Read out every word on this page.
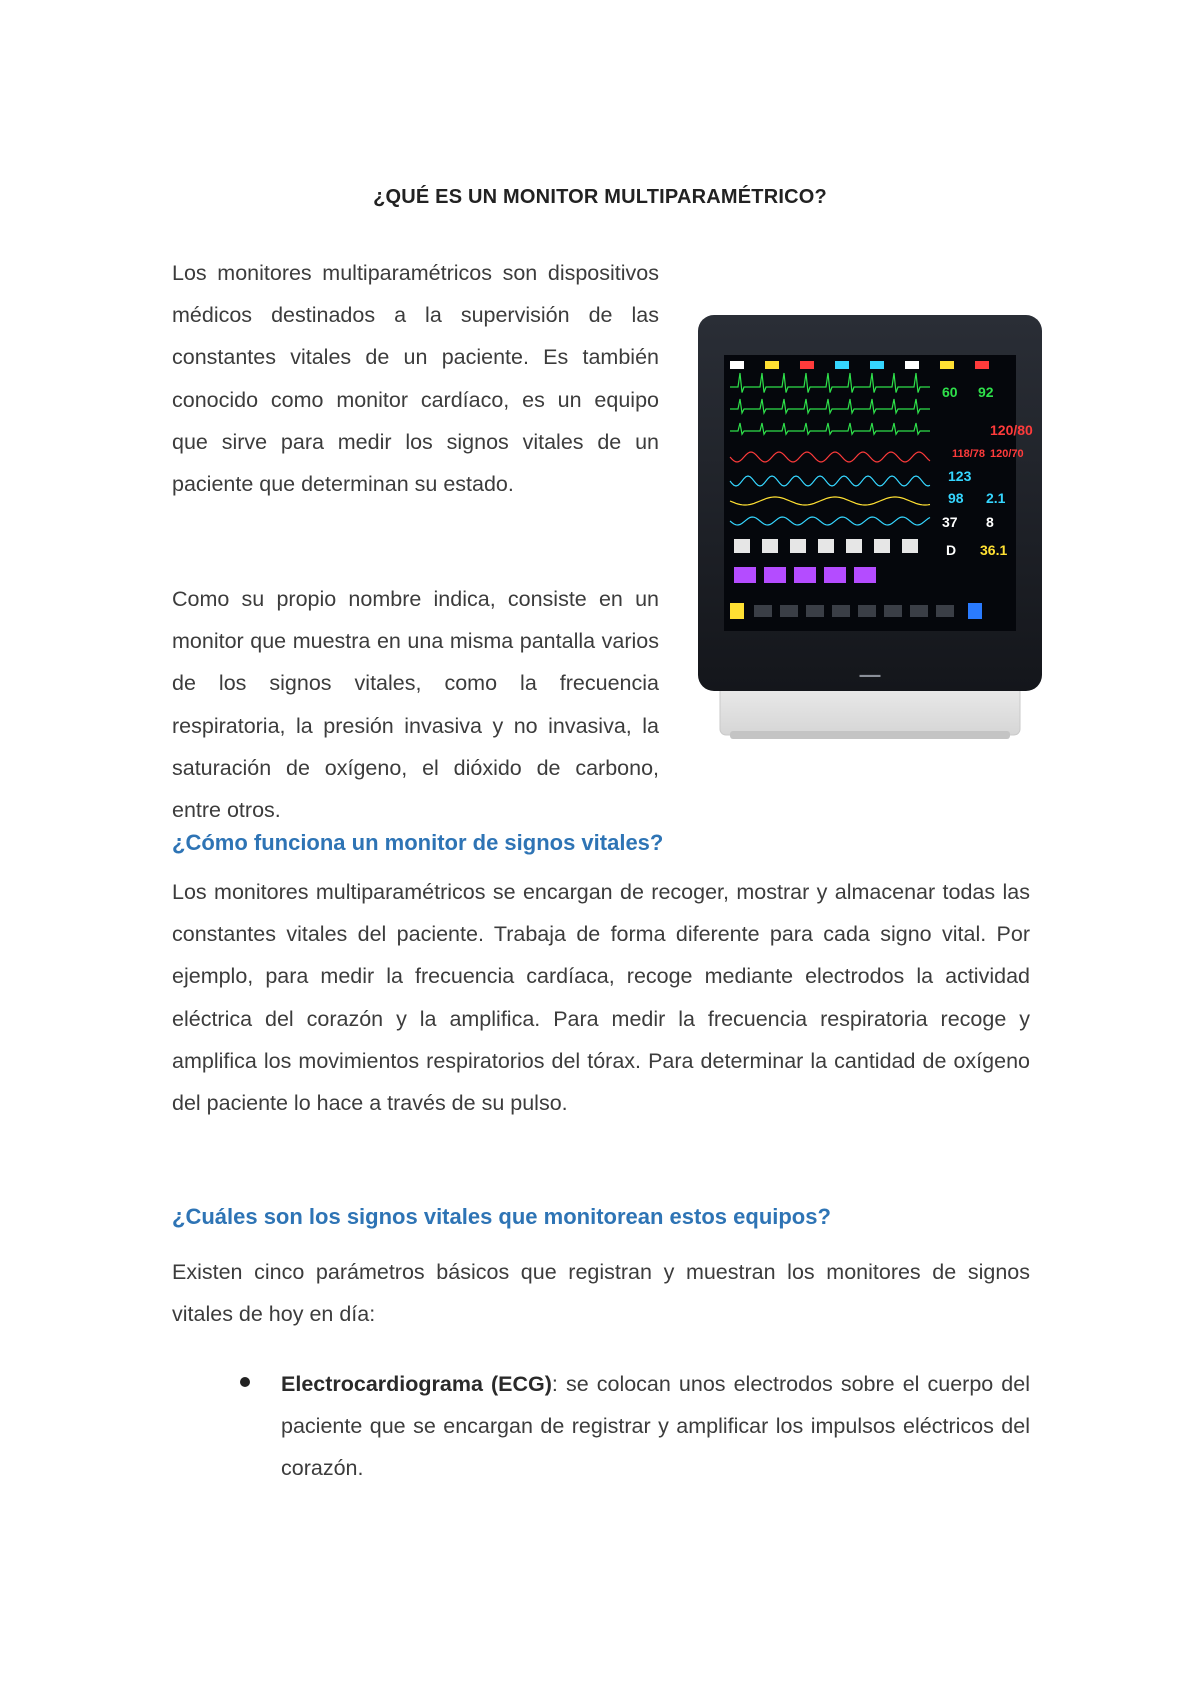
¿QUÉ ES UN MONITOR MULTIPARAMÉTRICO?

Los monitores multiparamétricos son dispositivos médicos destinados a la supervisión de las constantes vitales de un paciente. Es también conocido como monitor cardíaco, es un equipo que sirve para medir los signos vitales de un paciente que determinan su estado.

Como su propio nombre indica, consiste en un monitor que muestra en una misma pantalla varios de los signos vitales, como la frecuencia respiratoria, la presión invasiva y no invasiva, la saturación de oxígeno, el dióxido de carbono, entre otros.

▬▬▬
60 92
118/78 120/70
123
98 2.1
37 8
D 36.1
120/80
¿Cómo funciona un monitor de signos vitales?

Los monitores multiparamétricos se encargan de recoger, mostrar y almacenar todas las constantes vitales del paciente. Trabaja de forma diferente para cada signo vital. Por ejemplo, para medir la frecuencia cardíaca, recoge mediante electrodos la actividad eléctrica del corazón y la amplifica. Para medir la frecuencia respiratoria recoge y amplifica los movimientos respiratorios del tórax. Para determinar la cantidad de oxígeno del paciente lo hace a través de su pulso.

¿Cuáles son los signos vitales que monitorean estos equipos?

Existen cinco parámetros básicos que registran y muestran los monitores de signos vitales de hoy en día:

Electrocardiograma (ECG): se colocan unos electrodos sobre el cuerpo del paciente que se encargan de registrar y amplificar los impulsos eléctricos del corazón.
